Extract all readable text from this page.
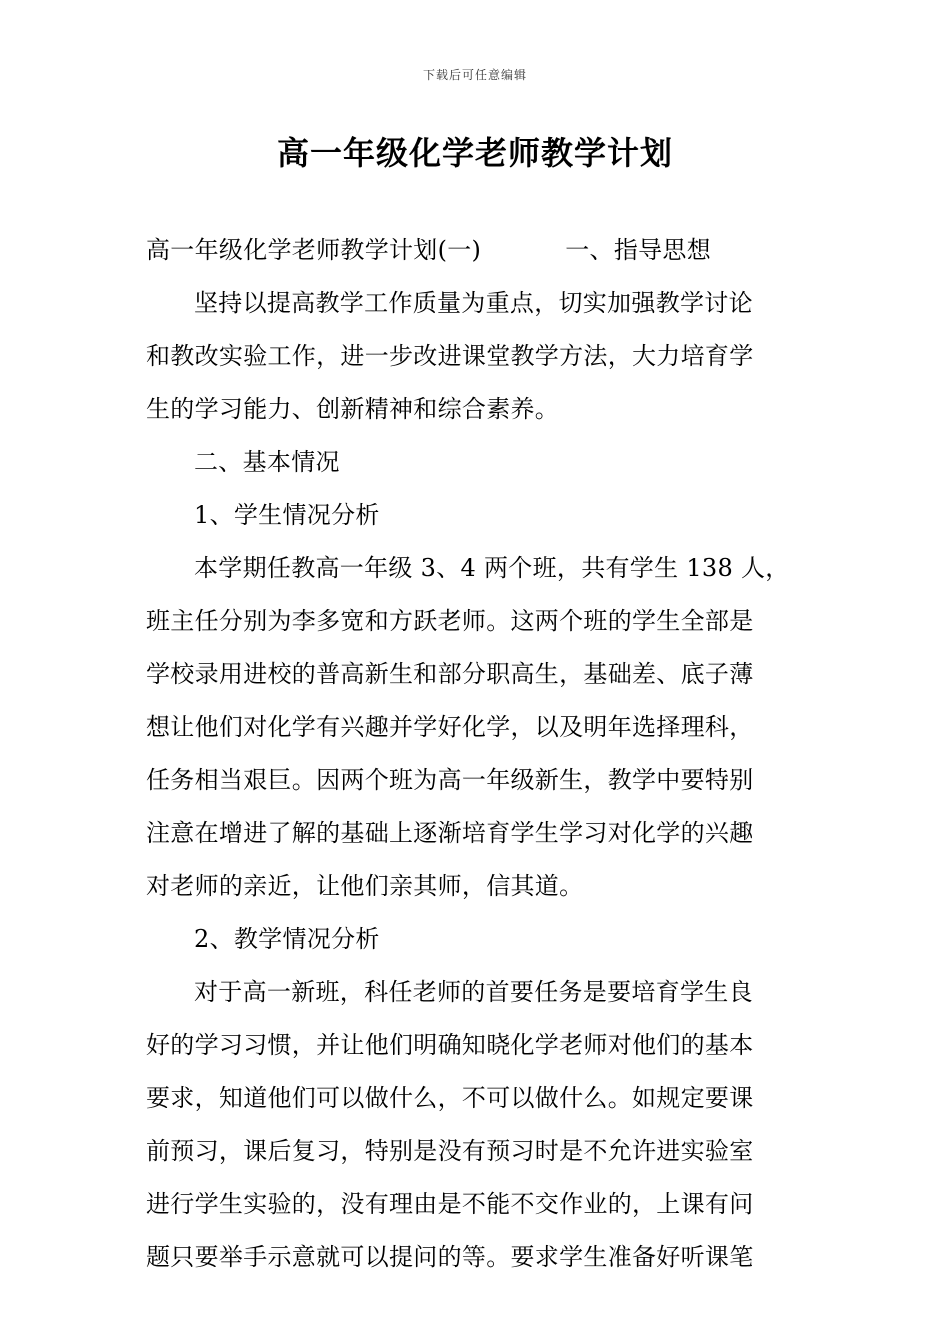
下载后可任意编辑
高一年级化学老师教学计划
高一年级化学老师教学计划(一)	一、指导思想
坚持以提高教学工作质量为重点，切实加强教学讨论
和教改实验工作，进一步改进课堂教学方法，大力培育学
生的学习能力、创新精神和综合素养。
二、基本情况
1、学生情况分析
本学期任教高一年级 3、4 两个班，共有学生 138 人，
班主任分别为李多宽和方跃老师。这两个班的学生全部是
学校录用进校的普高新生和部分职高生，基础差、底子薄
想让他们对化学有兴趣并学好化学，以及明年选择理科，
任务相当艰巨。因两个班为高一年级新生，教学中要特别
注意在增进了解的基础上逐渐培育学生学习对化学的兴趣
对老师的亲近，让他们亲其师，信其道。
2、教学情况分析
对于高一新班，科任老师的首要任务是要培育学生良
好的学习习惯，并让他们明确知晓化学老师对他们的基本
要求，知道他们可以做什么，不可以做什么。如规定要课
前预习，课后复习，特别是没有预习时是不允许进实验室
进行学生实验的，没有理由是不能不交作业的，上课有问
题只要举手示意就可以提问的等。要求学生准备好听课笔
